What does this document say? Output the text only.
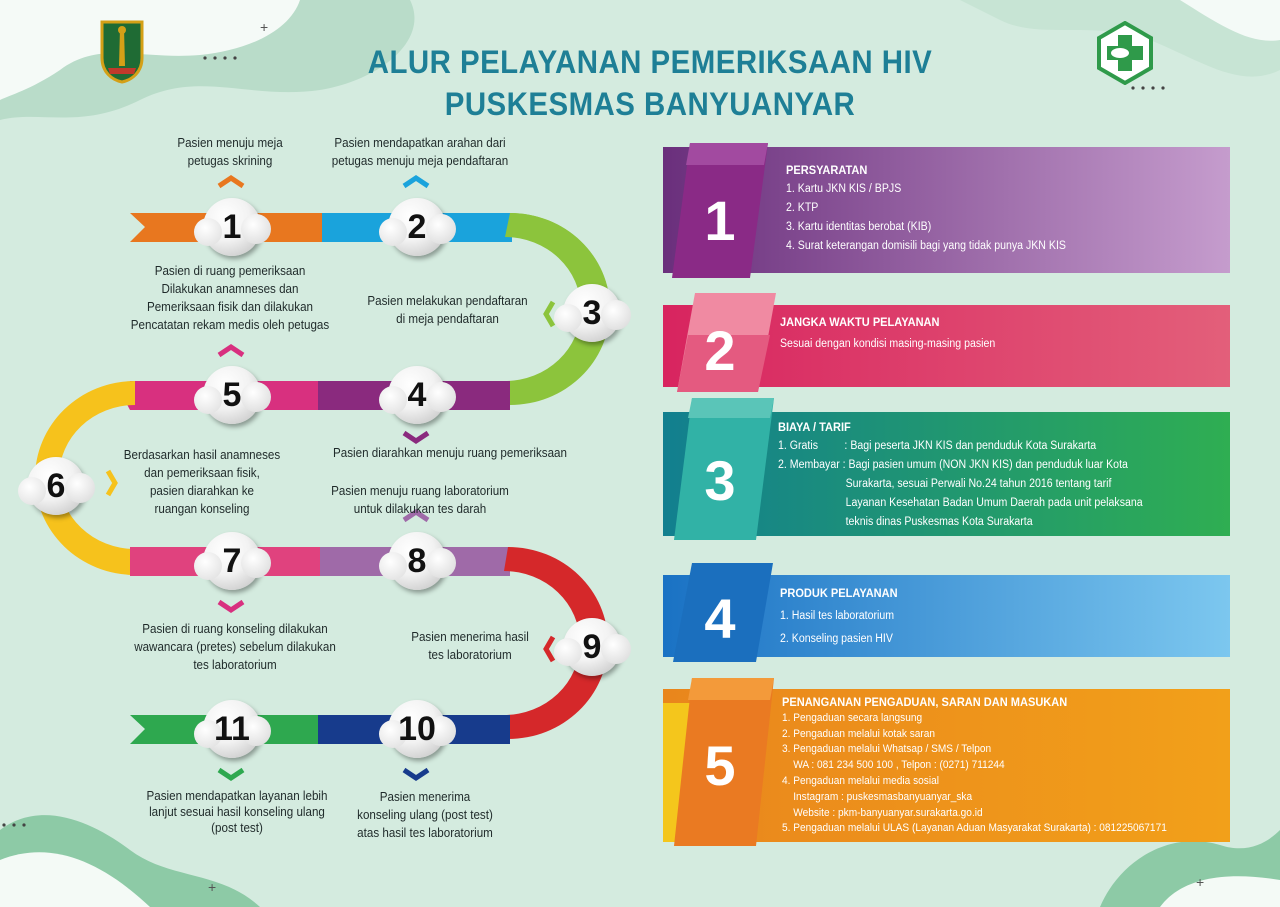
+
+
+
ALUR PELAYANAN PEMERIKSAAN HIV
PUSKESMAS BANYUANYAR
1	2
3
4
5
6
7	8
9
10
11
Pasien menuju meja
petugas skrining
Pasien mendapatkan arahan dari
petugas menuju meja pendaftaran
Pasien melakukan pendaftaran
di meja pendaftaran
Pasien diarahkan menuju ruang pemeriksaan
Pasien di ruang pemeriksaan
Dilakukan anamneses dan
Pemeriksaan fisik dan dilakukan
Pencatatan rekam medis oleh petugas
Berdasarkan hasil anamneses
dan pemeriksaan fisik,
pasien diarahkan ke
ruangan konseling
Pasien di ruang konseling dilakukan
wawancara (pretes) sebelum dilakukan
tes laboratorium
Pasien menuju ruang laboratorium
untuk dilakukan tes darah
Pasien menerima hasil
tes laboratorium
Pasien menerima
konseling ulang (post test)
atas hasil tes laboratorium
Pasien mendapatkan layanan lebih
lanjut sesuai hasil konseling ulang
(post test)
1
2
3
4
5
PERSYARATAN
1. Kartu JKN KIS / BPJS
2. KTP
3. Kartu identitas berobat (KIB)
4. Surat keterangan domisili bagi yang tidak punya JKN KIS
JANGKA WAKTU PELAYANAN
Sesuai dengan kondisi masing-masing pasien
BIAYA / TARIF
1. Gratis         : Bagi peserta JKN KIS dan penduduk Kota Surakarta
2. Membayar : Bagi pasien umum (NON JKN KIS) dan penduduk luar Kota
Surakarta, sesuai Perwali No.24 tahun 2016 tentang tarif
Layanan Kesehatan Badan Umum Daerah pada unit pelaksana
teknis dinas Puskesmas Kota Surakarta
PRODUK PELAYANAN
1. Hasil tes laboratorium
2. Konseling pasien HIV
PENANGANAN PENGADUAN, SARAN DAN MASUKAN
1. Pengaduan secara langsung
2. Pengaduan melalui kotak saran
3. Pengaduan melalui Whatsap / SMS / Telpon
WA : 081 234 500 100 , Telpon : (0271) 711244
4. Pengaduan melalui media sosial
Instagram : puskesmasbanyuanyar_ska
Website : pkm-banyuanyar.surakarta.go.id
5. Pengaduan melalui ULAS (Layanan Aduan Masyarakat Surakarta) : 081225067171
